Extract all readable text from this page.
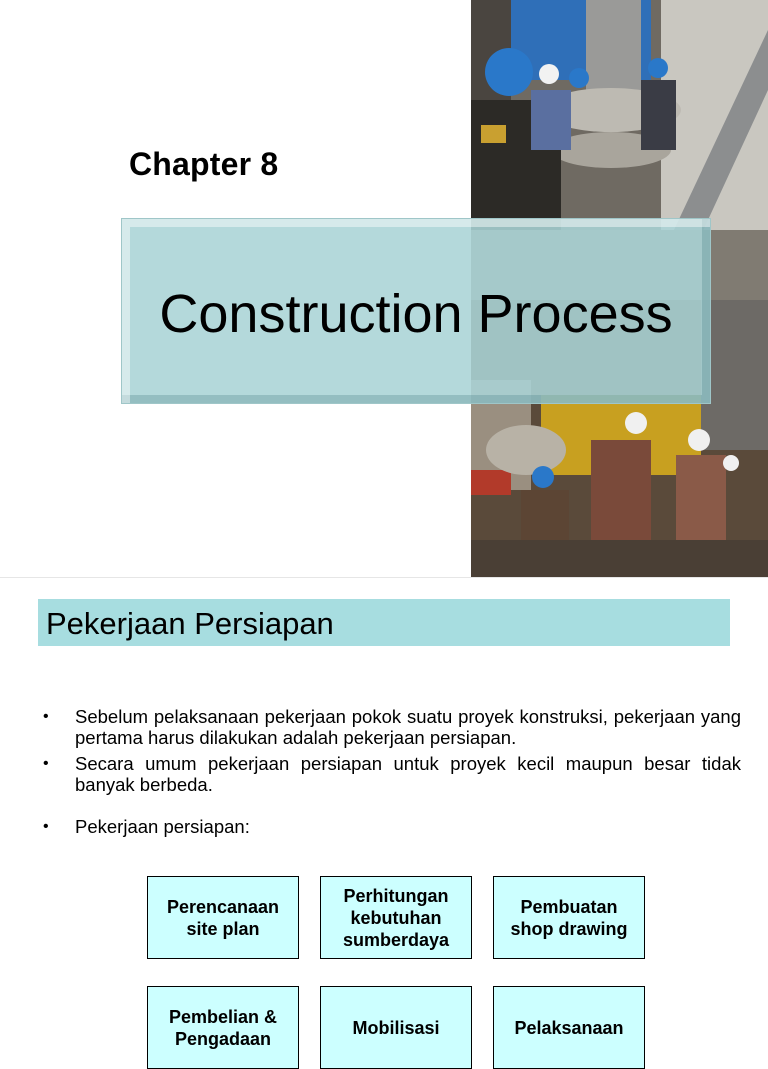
Chapter 8
Construction Process
Pekerjaan Persiapan
• Sebelum pelaksanaan pekerjaan pokok suatu proyek konstruksi, pekerjaan yang pertama harus dilakukan adalah pekerjaan persiapan.
• Secara umum pekerjaan persiapan untuk proyek kecil maupun besar tidak banyak berbeda.
• Pekerjaan persiapan:
Perencanaan
site plan
Perhitungan
kebutuhan
sumberdaya
Pembuatan
shop drawing
Pembelian &
Pengadaan
Mobilisasi	Pelaksanaan
